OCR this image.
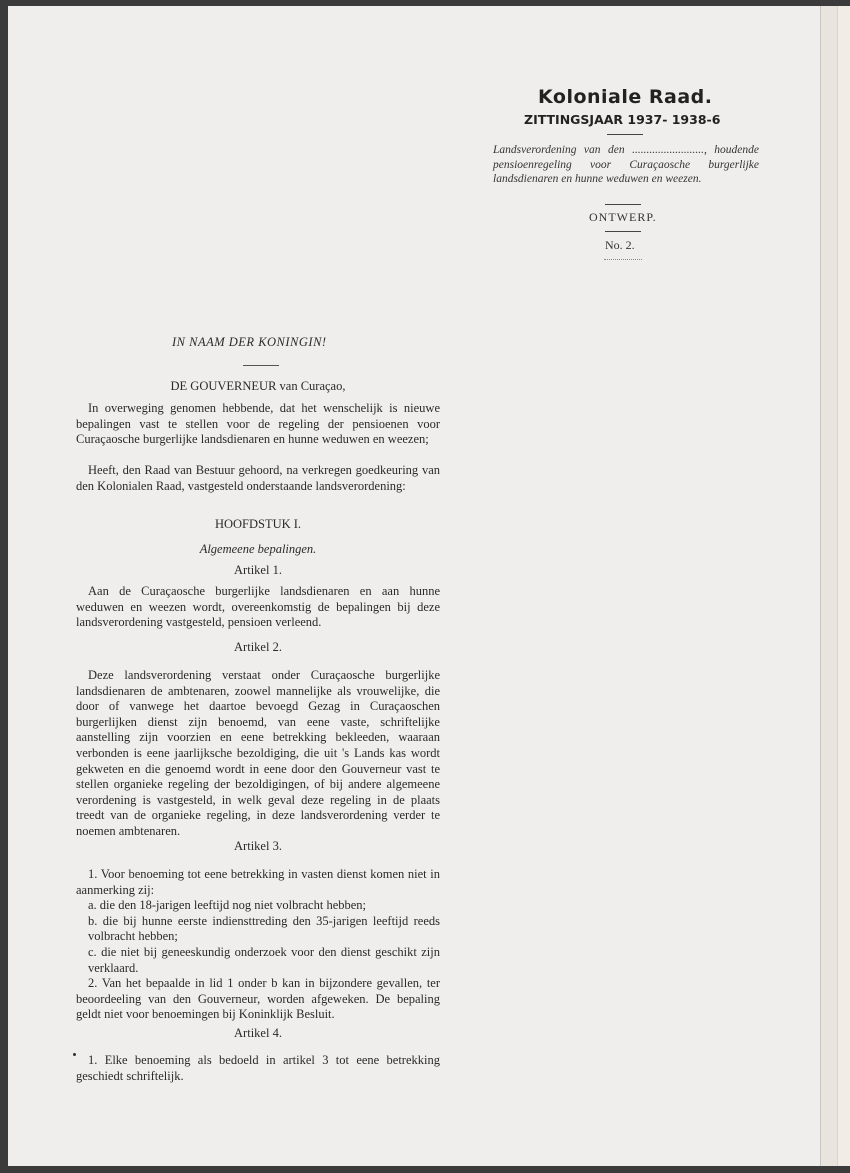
Koloniale Raad.
ZITTINGSJAAR 1937- 1938-6
Landsverordening van den ........................., houdende pensioenregeling voor Curaçaosche burgerlijke landsdienaren en hunne weduwen en weezen.
ONTWERP.
No. 2.
IN NAAM DER KONINGIN!

DE GOUVERNEUR van Curaçao,

In overweging genomen hebbende, dat het wenschelijk is nieuwe bepalingen vast te stellen voor de regeling der pensioenen voor Curaçaosche burgerlijke landsdienaren en hunne weduwen en weezen;

Heeft, den Raad van Bestuur gehoord, na verkregen goedkeuring van den Kolonialen Raad, vastgesteld onderstaande landsverordening:

HOOFDSTUK I.

Algemeene bepalingen.

Artikel 1.

Aan de Curaçaosche burgerlijke landsdienaren en aan hunne weduwen en weezen wordt, overeenkomstig de bepalingen bij deze landsverordening vastgesteld, pensioen verleend.

Artikel 2.

Deze landsverordening verstaat onder Curaçaosche burgerlijke landsdienaren de ambtenaren, zoowel mannelijke als vrouwelijke, die door of vanwege het daartoe bevoegd Gezag in Curaçaoschen burgerlijken dienst zijn benoemd, van eene vaste, schriftelijke aanstelling zijn voorzien en eene betrekking bekleeden, waaraan verbonden is eene jaarlijksche bezoldiging, die uit 's Lands kas wordt gekweten en die genoemd wordt in eene door den Gouverneur vast te stellen organieke regeling der bezoldigingen, of bij andere algemeene verordening is vastgesteld, in welk geval deze regeling in de plaats treedt van de organieke regeling, in deze landsverordening verder te noemen ambtenaren.

Artikel 3.

1. Voor benoeming tot eene betrekking in vasten dienst komen niet in aanmerking zij:

a. die den 18-jarigen leeftijd nog niet volbracht hebben;

b. die bij hunne eerste indiensttreding den 35-jarigen leeftijd reeds volbracht hebben;

c. die niet bij geneeskundig onderzoek voor den dienst geschikt zijn verklaard.

2. Van het bepaalde in lid 1 onder b kan in bijzondere gevallen, ter beoordeeling van den Gouverneur, worden afgeweken. De bepaling geldt niet voor benoemingen bij Koninklijk Besluit.

Artikel 4.

1. Elke benoeming als bedoeld in artikel 3 tot eene betrekking geschiedt schriftelijk.
